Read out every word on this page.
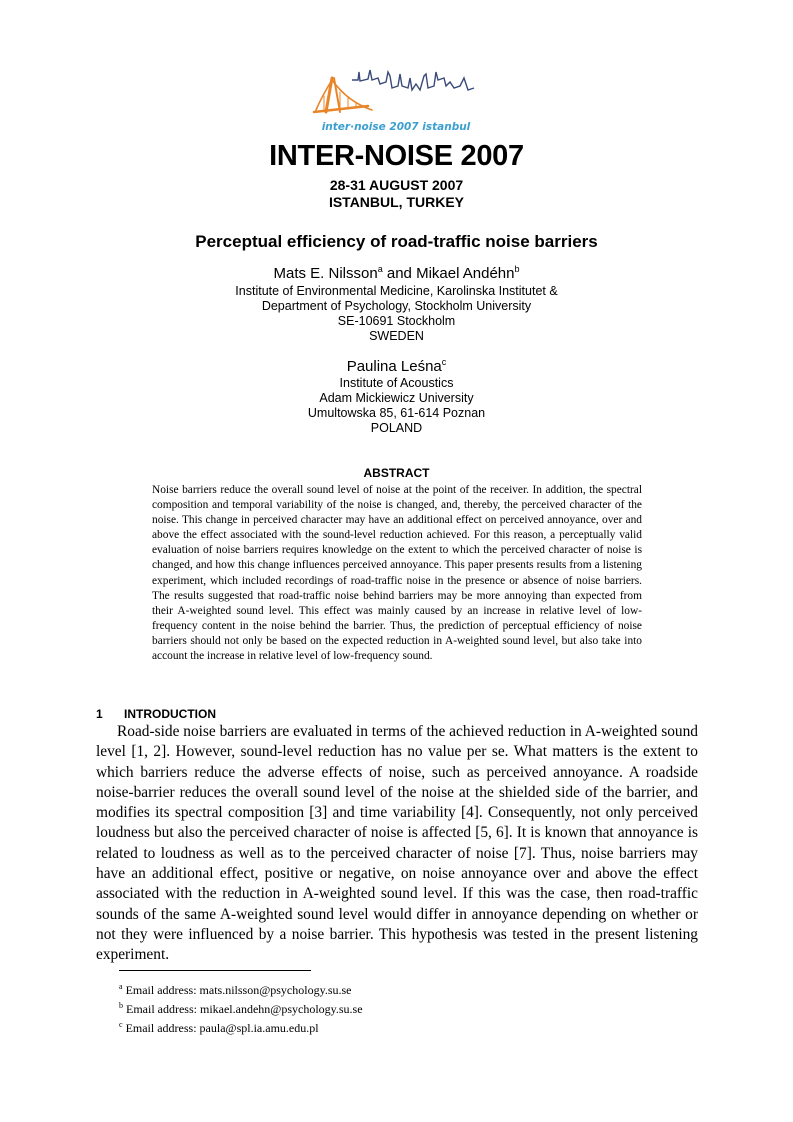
inter·noise 2007 istanbul
INTER-NOISE 2007
28-31 AUGUST 2007
ISTANBUL, TURKEY
Perceptual efficiency of road-traffic noise barriers
Mats E. Nilsson$^a$ and Mikael Andéhn$^b$
Institute of Environmental Medicine, Karolinska Institutet &
Department of Psychology, Stockholm University
SE-10691 Stockholm
SWEDEN
Paulina Leśna$^c$
Institute of Acoustics
Adam Mickiewicz University
Umultowska 85, 61-614 Poznan
POLAND
ABSTRACT
Noise barriers reduce the overall sound level of noise at the point of the receiver. In addition, the spectral composition and temporal variability of the noise is changed, and, thereby, the perceived character of the noise. This change in perceived character may have an additional effect on perceived annoyance, over and above the effect associated with the sound-level reduction achieved. For this reason, a perceptually valid evaluation of noise barriers requires knowledge on the extent to which the perceived character of noise is changed, and how this change influences perceived annoyance. This paper presents results from a listening experiment, which included recordings of road-traffic noise in the presence or absence of noise barriers. The results suggested that road-traffic noise behind barriers may be more annoying than expected from their A-weighted sound level. This effect was mainly caused by an increase in relative level of low-frequency content in the noise behind the barrier. Thus, the prediction of perceptual efficiency of noise barriers should not only be based on the expected reduction in A-weighted sound level, but also take into account the increase in relative level of low-frequency sound.
1 INTRODUCTION
Road-side noise barriers are evaluated in terms of the achieved reduction in A-weighted sound level [1, 2]. However, sound-level reduction has no value per se. What matters is the extent to which barriers reduce the adverse effects of noise, such as perceived annoyance. A roadside noise-barrier reduces the overall sound level of the noise at the shielded side of the barrier, and modifies its spectral composition [3] and time variability [4]. Consequently, not only perceived loudness but also the perceived character of noise is affected [5, 6]. It is known that annoyance is related to loudness as well as to the perceived character of noise [7]. Thus, noise barriers may have an additional effect, positive or negative, on noise annoyance over and above the effect associated with the reduction in A-weighted sound level. If this was the case, then road-traffic sounds of the same A-weighted sound level would differ in annoyance depending on whether or not they were influenced by a noise barrier. This hypothesis was tested in the present listening experiment.
$^a$ Email address: mats.nilsson@psychology.su.se
$^b$ Email address: mikael.andehn@psychology.su.se
$^c$ Email address: paula@spl.ia.amu.edu.pl
